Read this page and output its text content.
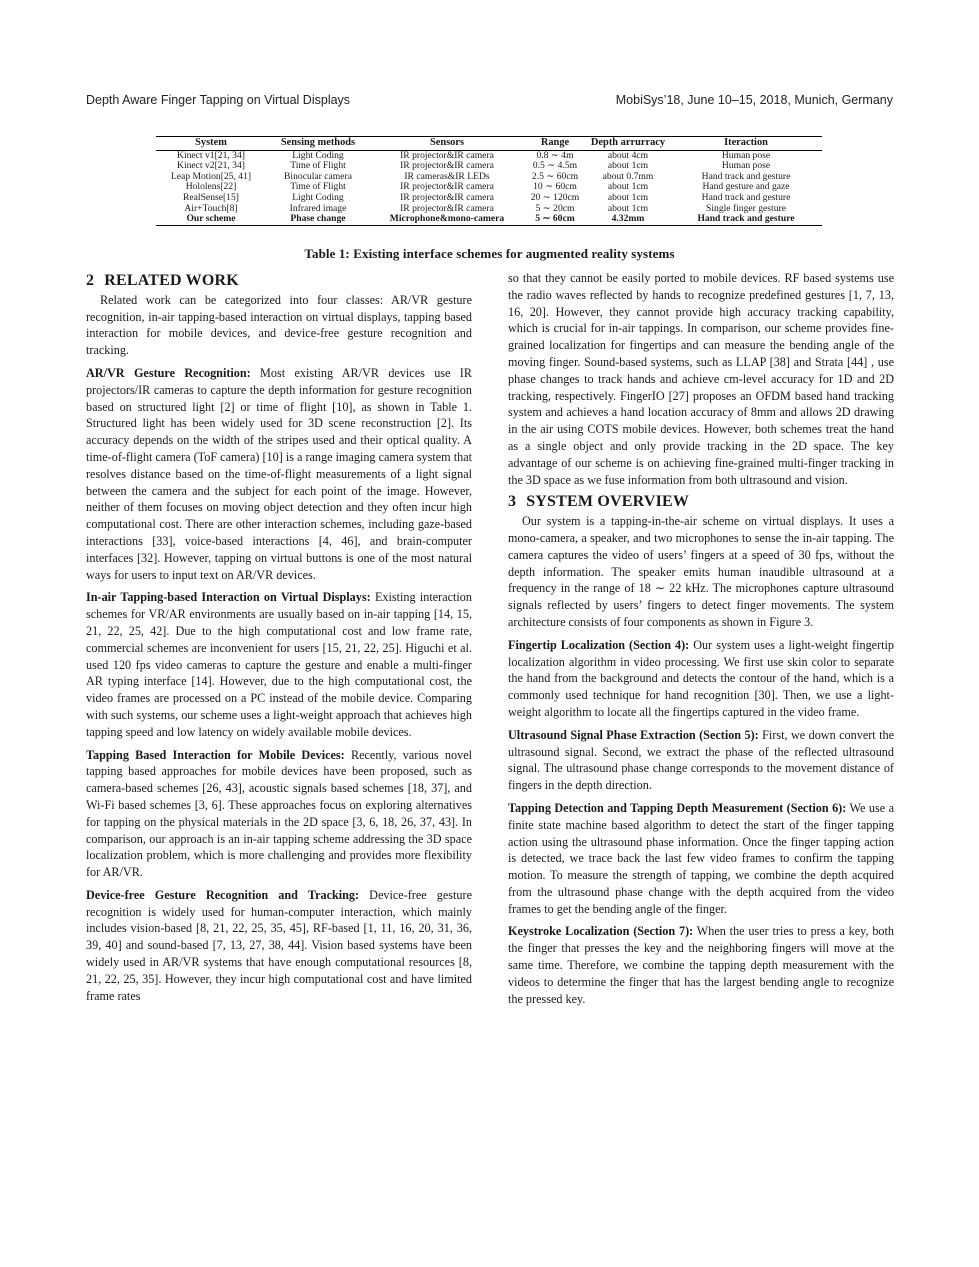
Depth Aware Finger Tapping on Virtual Displays	MobiSys’18, June 10–15, 2018, Munich, Germany
System	Sensing methods	Sensors	Range	Depth arrurracy	Iteraction
Kinect v1[21, 34]	Light Coding	IR projector&IR camera	0.8 ∼ 4m	about 4cm	Human pose
Kinect v2[21, 34]	Time of Flight	IR projector&IR camera	0.5 ∼ 4.5m	about 1cm	Human pose
Leap Motion[25, 41]	Binocular camera	IR cameras&IR LEDs	2.5 ∼ 60cm	about 0.7mm	Hand track and gesture
Hololens[22]	Time of Flight	IR projector&IR camera	10 ∼ 60cm	about 1cm	Hand gesture and gaze
RealSense[15]	Light Coding	IR projector&IR camera	20 ∼ 120cm	about 1cm	Hand track and gesture
Air+Touch[8]	Infrared image	IR projector&IR camera	5 ∼ 20cm	about 1cm	Single finger gesture
Our scheme	Phase change	Microphone&mono-camera	5 ∼ 60cm	4.32mm	Hand track and gesture
Table 1: Existing interface schemes for augmented reality systems
2 RELATED WORK

Related work can be categorized into four classes: AR/VR gesture recognition, in-air tapping-based interaction on virtual displays, tapping based interaction for mobile devices, and device-free gesture recognition and tracking.

AR/VR Gesture Recognition: Most existing AR/VR devices use IR projectors/IR cameras to capture the depth information for gesture recognition based on structured light [2] or time of flight [10], as shown in Table 1. Structured light has been widely used for 3D scene reconstruction [2]. Its accuracy depends on the width of the stripes used and their optical quality. A time-of-flight camera (ToF camera) [10] is a range imaging camera system that resolves distance based on the time-of-flight measurements of a light signal between the camera and the subject for each point of the image. However, neither of them focuses on moving object detection and they often incur high computational cost. There are other interaction schemes, including gaze-based interactions [33], voice-based interactions [4, 46], and brain-computer interfaces [32]. However, tapping on virtual buttons is one of the most natural ways for users to input text on AR/VR devices.

In-air Tapping-based Interaction on Virtual Displays: Existing interaction schemes for VR/AR environments are usually based on in-air tapping [14, 15, 21, 22, 25, 42]. Due to the high computational cost and low frame rate, commercial schemes are inconvenient for users [15, 21, 22, 25]. Higuchi et al. used 120 fps video cameras to capture the gesture and enable a multi-finger AR typing interface [14]. However, due to the high computational cost, the video frames are processed on a PC instead of the mobile device. Comparing with such systems, our scheme uses a light-weight approach that achieves high tapping speed and low latency on widely available mobile devices.

Tapping Based Interaction for Mobile Devices: Recently, various novel tapping based approaches for mobile devices have been proposed, such as camera-based schemes [26, 43], acoustic signals based schemes [18, 37], and Wi-Fi based schemes [3, 6]. These approaches focus on exploring alternatives for tapping on the physical materials in the 2D space [3, 6, 18, 26, 37, 43]. In comparison, our approach is an in-air tapping scheme addressing the 3D space localization problem, which is more challenging and provides more flexibility for AR/VR.

Device-free Gesture Recognition and Tracking: Device-free gesture recognition is widely used for human-computer interaction, which mainly includes vision-based [8, 21, 22, 25, 35, 45], RF-based [1, 11, 16, 20, 31, 36, 39, 40] and sound-based [7, 13, 27, 38, 44]. Vision based systems have been widely used in AR/VR systems that have enough computational resources [8, 21, 22, 25, 35]. However, they incur high computational cost and have limited frame rates

so that they cannot be easily ported to mobile devices. RF based systems use the radio waves reflected by hands to recognize predefined gestures [1, 7, 13, 16, 20]. However, they cannot provide high accuracy tracking capability, which is crucial for in-air tappings. In comparison, our scheme provides fine-grained localization for fingertips and can measure the bending angle of the moving finger. Sound-based systems, such as LLAP [38] and Strata [44] , use phase changes to track hands and achieve cm-level accuracy for 1D and 2D tracking, respectively. FingerIO [27] proposes an OFDM based hand tracking system and achieves a hand location accuracy of 8mm and allows 2D drawing in the air using COTS mobile devices. However, both schemes treat the hand as a single object and only provide tracking in the 2D space. The key advantage of our scheme is on achieving fine-grained multi-finger tracking in the 3D space as we fuse information from both ultrasound and vision.

3 SYSTEM OVERVIEW

Our system is a tapping-in-the-air scheme on virtual displays. It uses a mono-camera, a speaker, and two microphones to sense the in-air tapping. The camera captures the video of users’ fingers at a speed of 30 fps, without the depth information. The speaker emits human inaudible ultrasound at a frequency in the range of 18 ∼ 22 kHz. The microphones capture ultrasound signals reflected by users’ fingers to detect finger movements. The system architecture consists of four components as shown in Figure 3.

Fingertip Localization (Section 4): Our system uses a light-weight fingertip localization algorithm in video processing. We first use skin color to separate the hand from the background and detects the contour of the hand, which is a commonly used technique for hand recognition [30]. Then, we use a light-weight algorithm to locate all the fingertips captured in the video frame.

Ultrasound Signal Phase Extraction (Section 5): First, we down convert the ultrasound signal. Second, we extract the phase of the reflected ultrasound signal. The ultrasound phase change corresponds to the movement distance of fingers in the depth direction.

Tapping Detection and Tapping Depth Measurement (Section 6): We use a finite state machine based algorithm to detect the start of the finger tapping action using the ultrasound phase information. Once the finger tapping action is detected, we trace back the last few video frames to confirm the tapping motion. To measure the strength of tapping, we combine the depth acquired from the ultrasound phase change with the depth acquired from the video frames to get the bending angle of the finger.

Keystroke Localization (Section 7): When the user tries to press a key, both the finger that presses the key and the neighboring fingers will move at the same time. Therefore, we combine the tapping depth measurement with the videos to determine the finger that has the largest bending angle to recognize the pressed key.
